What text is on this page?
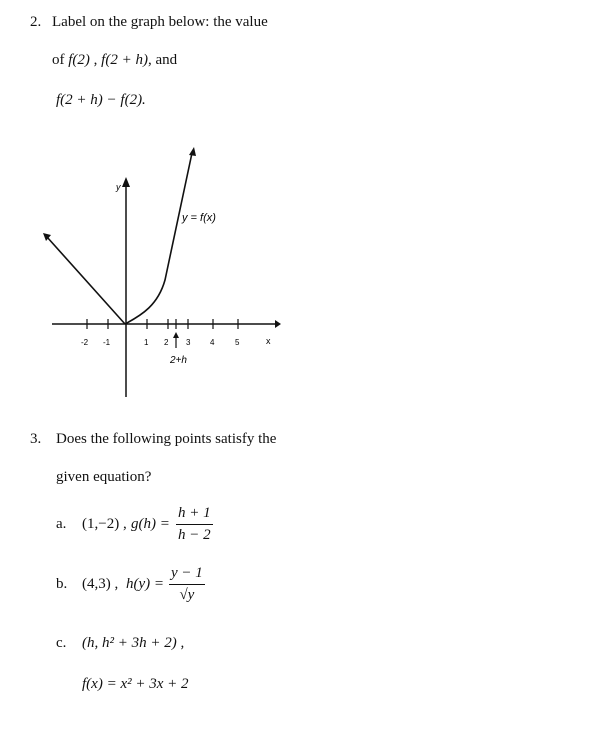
2. Label on the graph below: the value
of f(2) , f(2 + h), and
f(2 + h) − f(2).
y
x
y = f(x)
-2 -1	1 2 3 4	5
2+h
3. Does the following points satisfy the
given equation?
a. (1,−2) , $g(h) = \frac{h + 1}{h - 2}$
b. (4,3) , $h(y) = \frac{y - 1}{√y}$
c. (h, h² + 3h + 2) ,
f(x) = x² + 3x + 2
